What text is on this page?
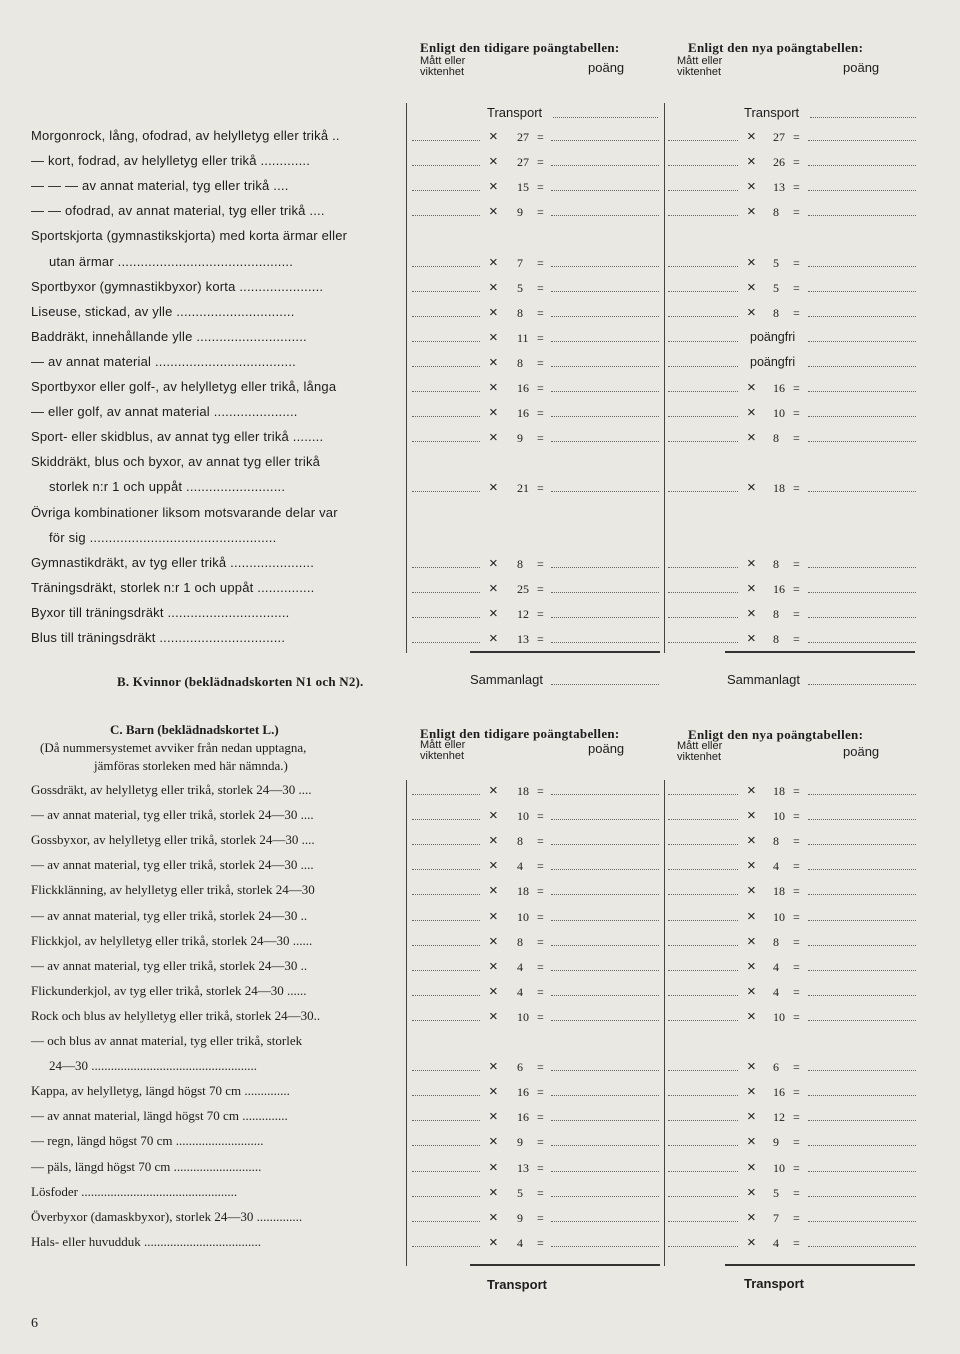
Enligt den tidigare poängtabellen:	Enligt den nya poängtabellen:
Mått eller
viktenhet	poäng	Mått eller
viktenhet	poäng
Transport	Transport
Morgonrock, lång, ofodrad, av helylletyg eller trikå ..	× 27 =	× 27 =
— kort, fodrad, av helylletyg eller trikå .............	× 27 =	× 26 =
— — — av annat material, tyg eller trikå ....	× 15 =	× 13 =
— — ofodrad, av annat material, tyg eller trikå ....	× 9 =	× 8 =
Sportskjorta (gymnastikskjorta) med korta ärmar eller
utan ärmar ..............................................	× 7 =	× 5 =
Sportbyxor (gymnastikbyxor) korta ......................	× 5 =	× 5 =
Liseuse, stickad, av ylle ...............................	× 8 =	× 8 =
Baddräkt, innehållande ylle .............................	× 11 =	poängfri
— av annat material .....................................	× 8 =	poängfri
Sportbyxor eller golf-, av helylletyg eller trikå, långa	× 16 =	× 16 =
— eller golf, av annat material ......................	× 16 =	× 10 =
Sport- eller skidblus, av annat tyg eller trikå ........	× 9 =	× 8 =
Skiddräkt, blus och byxor, av annat tyg eller trikå
storlek n:r 1 och uppåt ..........................	× 21 =	× 18 =
Övriga kombinationer liksom motsvarande delar var
för sig .................................................
Gymnastikdräkt, av tyg eller trikå ......................	× 8 =	× 8 =
Träningsdräkt, storlek n:r 1 och uppåt ...............	× 25 =	× 16 =
Byxor till träningsdräkt ................................	× 12 =	× 8 =
Blus till träningsdräkt .................................	× 13 =	× 8 =
B. Kvinnor (beklädnadskorten N1 och N2).	Sammanlagt	Sammanlagt
C. Barn (beklädnadskortet L.)
(Då nummersystemet avviker från nedan upptagna,
jämföras storleken med här nämnda.)
Enligt den tidigare poängtabellen:	Enligt den nya poängtabellen:
Mått eller
viktenhet	poäng	Mått eller
viktenhet	poäng
Gossdräkt, av helylletyg eller trikå, storlek 24—30 ....	× 18 =	× 18 =
— av annat material, tyg eller trikå, storlek 24—30 ....	× 10 =	× 10 =
Gossbyxor, av helylletyg eller trikå, storlek 24—30 ....	× 8 =	× 8 =
— av annat material, tyg eller trikå, storlek 24—30 ....	× 4 =	× 4 =
Flickklänning, av helylletyg eller trikå, storlek 24—30	× 18 =	× 18 =
— av annat material, tyg eller trikå, storlek 24—30 ..	× 10 =	× 10 =
Flickkjol, av helylletyg eller trikå, storlek 24—30 ......	× 8 =	× 8 =
— av annat material, tyg eller trikå, storlek 24—30 ..	× 4 =	× 4 =
Flickunderkjol, av tyg eller trikå, storlek 24—30 ......	× 4 =	× 4 =
Rock och blus av helylletyg eller trikå, storlek 24—30..	× 10 =	× 10 =
— och blus av annat material, tyg eller trikå, storlek
24—30 ...................................................	× 6 =	× 6 =
Kappa, av helylletyg, längd högst 70 cm ..............	× 16 =	× 16 =
— av annat material, längd högst 70 cm ..............	× 16 =	× 12 =
— regn, längd högst 70 cm ...........................	× 9 =	× 9 =
— päls, längd högst 70 cm ...........................	× 13 =	× 10 =
Lösfoder ................................................	× 5 =	× 5 =
Överbyxor (damaskbyxor), storlek 24—30 ..............	× 9 =	× 7 =
Hals- eller huvudduk ....................................	× 4 =	× 4 =
Transport	Transport
6
